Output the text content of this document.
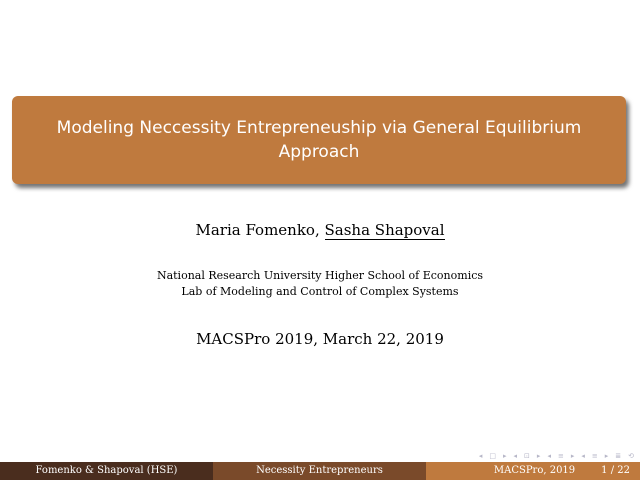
Modeling Neccessity Entrepreneuship via General Equilibrium
Approach
Maria Fomenko, Sasha Shapoval
National Research University Higher School of Economics
Lab of Modeling and Control of Complex Systems
MACSPro 2019, March 22, 2019
◂ □ ▸ ◂ ⊡ ▸ ◂ ≡ ▸ ◂ ≡ ▸ ≣ ⟲
Fomenko & Shapoval (HSE)	Necessity Entrepreneurs	MACSPro, 2019	1 / 22
